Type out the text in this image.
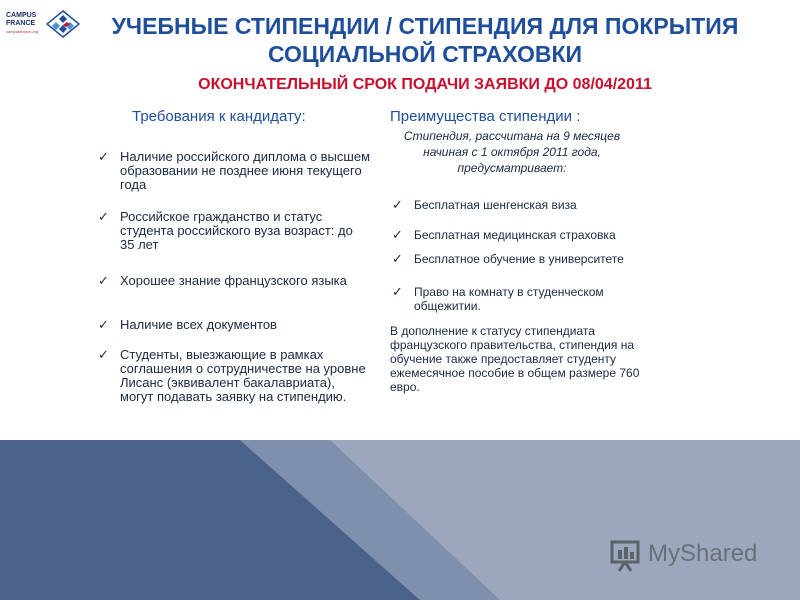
CAMPUS
FRANCE
campusfrance.org	УЧЕБНЫЕ СТИПЕНДИИ / СТИПЕНДИЯ ДЛЯ ПОКРЫТИЯ
СОЦИАЛЬНОЙ СТРАХОВКИ
ОКОНЧАТЕЛЬНЫЙ СРОК ПОДАЧИ ЗАЯВКИ ДО 08/04/2011
Требования к кандидату:
✓ Наличие российского диплома о высшем образовании не позднее июня текущего года
✓ Российское гражданство и статус студента российского вуза возраст: до 35 лет
✓ Хорошее знание французского языка
✓ Наличие всех документов
✓ Студенты, выезжающие в рамках соглашения о сотрудничестве на уровне Лисанс (эквивалент бакалавриата), могут подавать заявку на стипендию.
Преимущества стипендии :
Стипендия, рассчитана на 9 месяцев начиная с 1 октября 2011 года, предусматривает:
✓ Бесплатная шенгенская виза
✓ Бесплатная медицинская страховка
✓ Бесплатное обучение в университете
✓ Право на комнату в студенческом общежитии.
В дополнение к статусу стипендиата французского правительства, стипендия на обучение также предоставляет студенту ежемесячное пособие в общем размере 760 евро.
MyShared
